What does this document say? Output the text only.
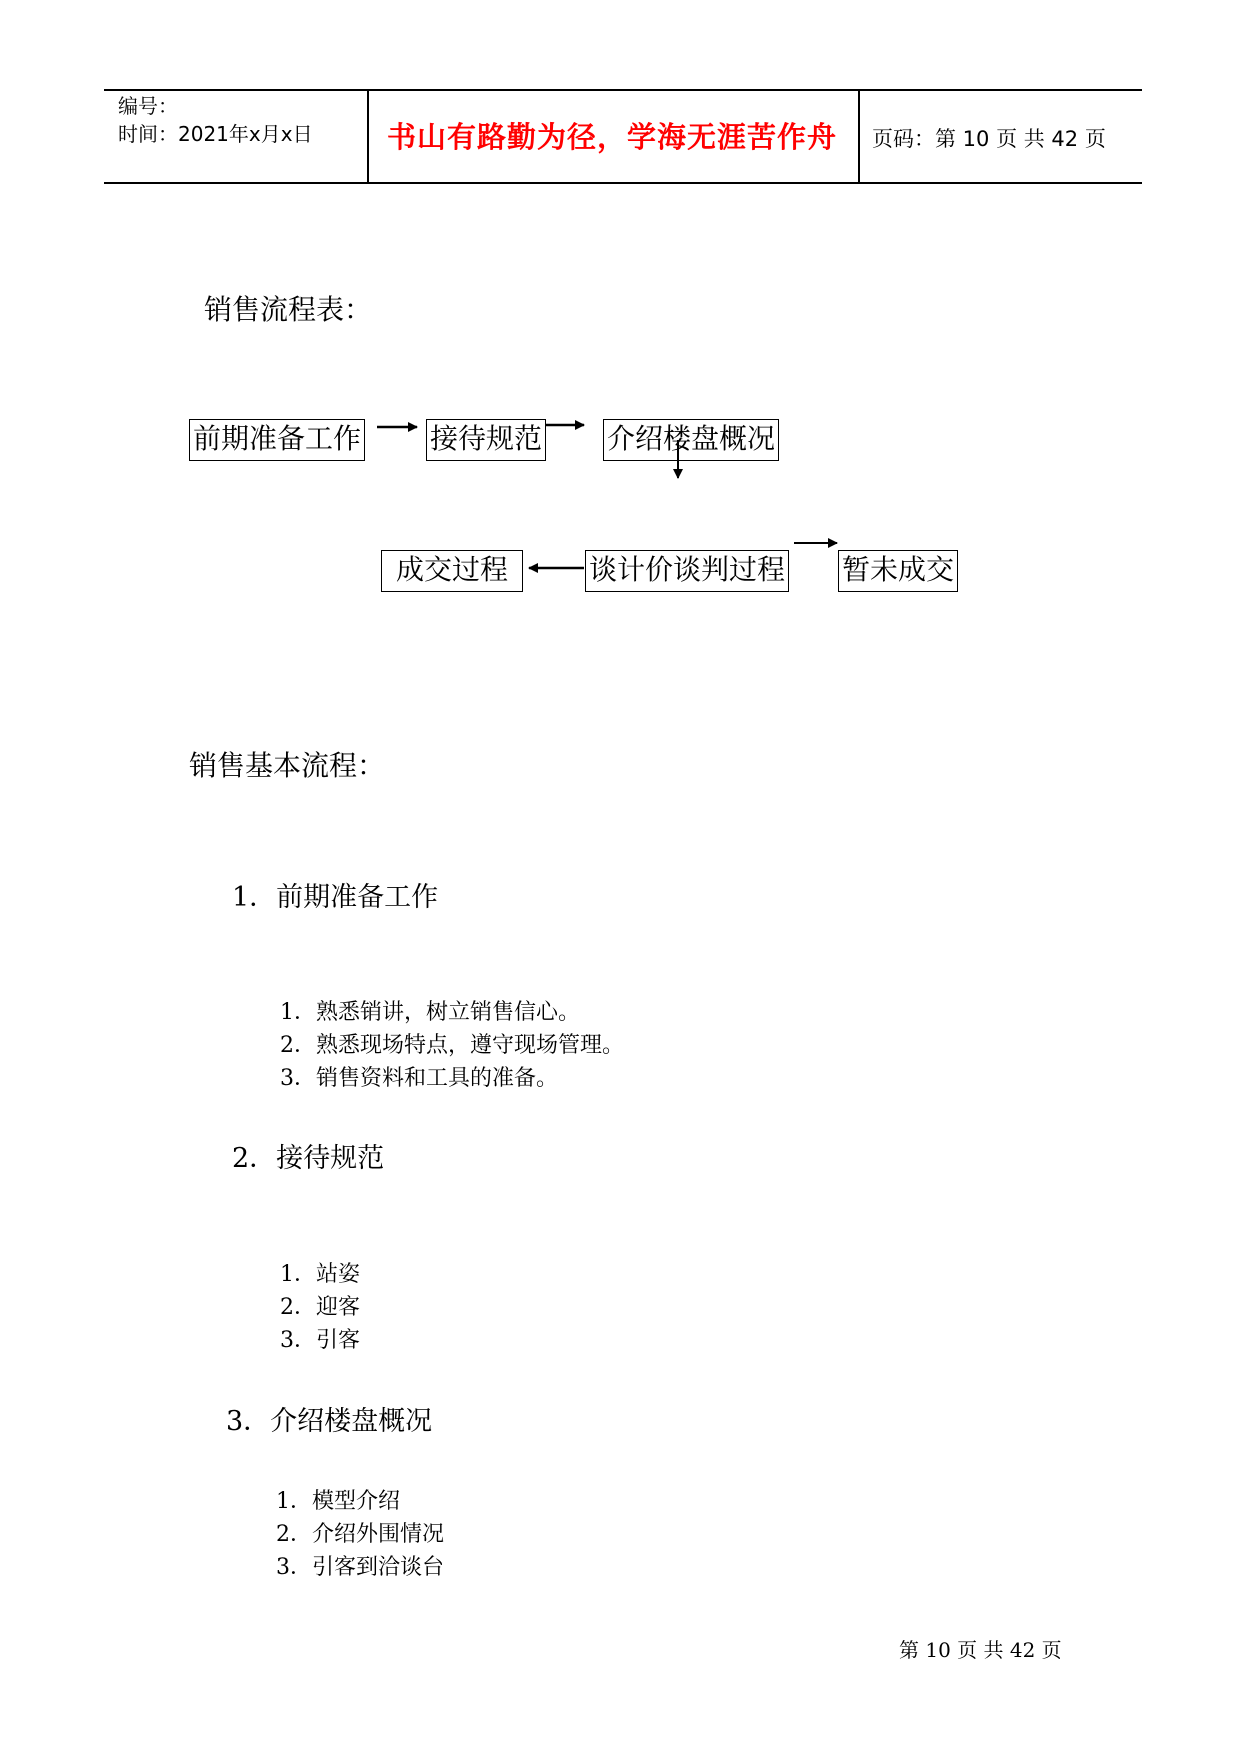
编号：
时间：2021年x月x日	书山有路勤为径，学海无涯苦作舟	页码：第 10 页 共 42 页
销售流程表：
前期准备工作 接待规范 介绍楼盘概况
谈计价谈判过程
成交过程	暂未成交
销售基本流程：
1．前期准备工作
1．熟悉销讲，树立销售信心。
2．熟悉现场特点，遵守现场管理。
3．销售资料和工具的准备。
2．接待规范
1．站姿
2．迎客
3．引客
3．介绍楼盘概况
1．模型介绍
2．介绍外围情况
3．引客到洽谈台
第 10 页 共 42 页
